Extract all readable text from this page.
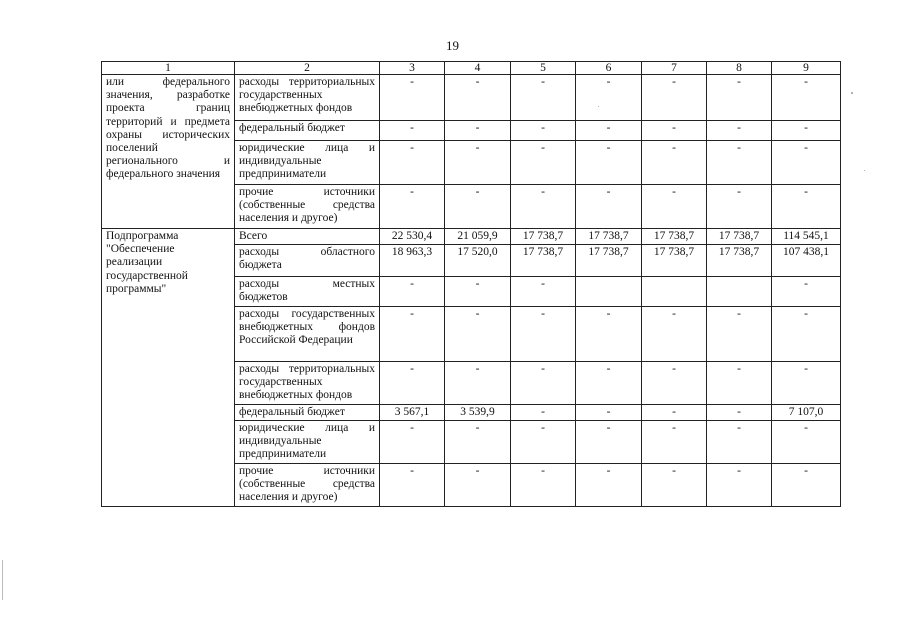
19
1	2	3	4	5	6	7	8	9
или федерального значения, разработке проекта границ территорий и предмета охраны исторических поселений регионального и федерального значения	расходы территориальных государственных внебюджетных фондов	-	-	-	-	-	-	-
	федеральный бюджет	-	-	-	-	-	-	-
	юридические лица и индивидуальные предприниматели	-	-	-	-	-	-	-
	прочие источники (собственные средства населения и другое)	-	-	-	-	-	-	-
Подпрограмма "Обеспечение реализации государственной программы"	Всего	22 530,4	21 059,9	17 738,7	17 738,7	17 738,7	17 738,7	114 545,1
	расходы областного бюджета	18 963,3	17 520,0	17 738,7	17 738,7	17 738,7	17 738,7	107 438,1
	расходы местных бюджетов	-	-	-				-
	расходы государственных внебюджетных фондов Российской Федерации	-	-	-	-	-	-	-
	расходы территориальных государственных внебюджетных фондов	-	-	-	-	-	-	-
	федеральный бюджет	3 567,1	3 539,9	-	-	-	-	7 107,0
	юридические лица и индивидуальные предприниматели	-	-	-	-	-	-	-
	прочие источники (собственные средства населения и другое)	-	-	-	-	-	-	-
